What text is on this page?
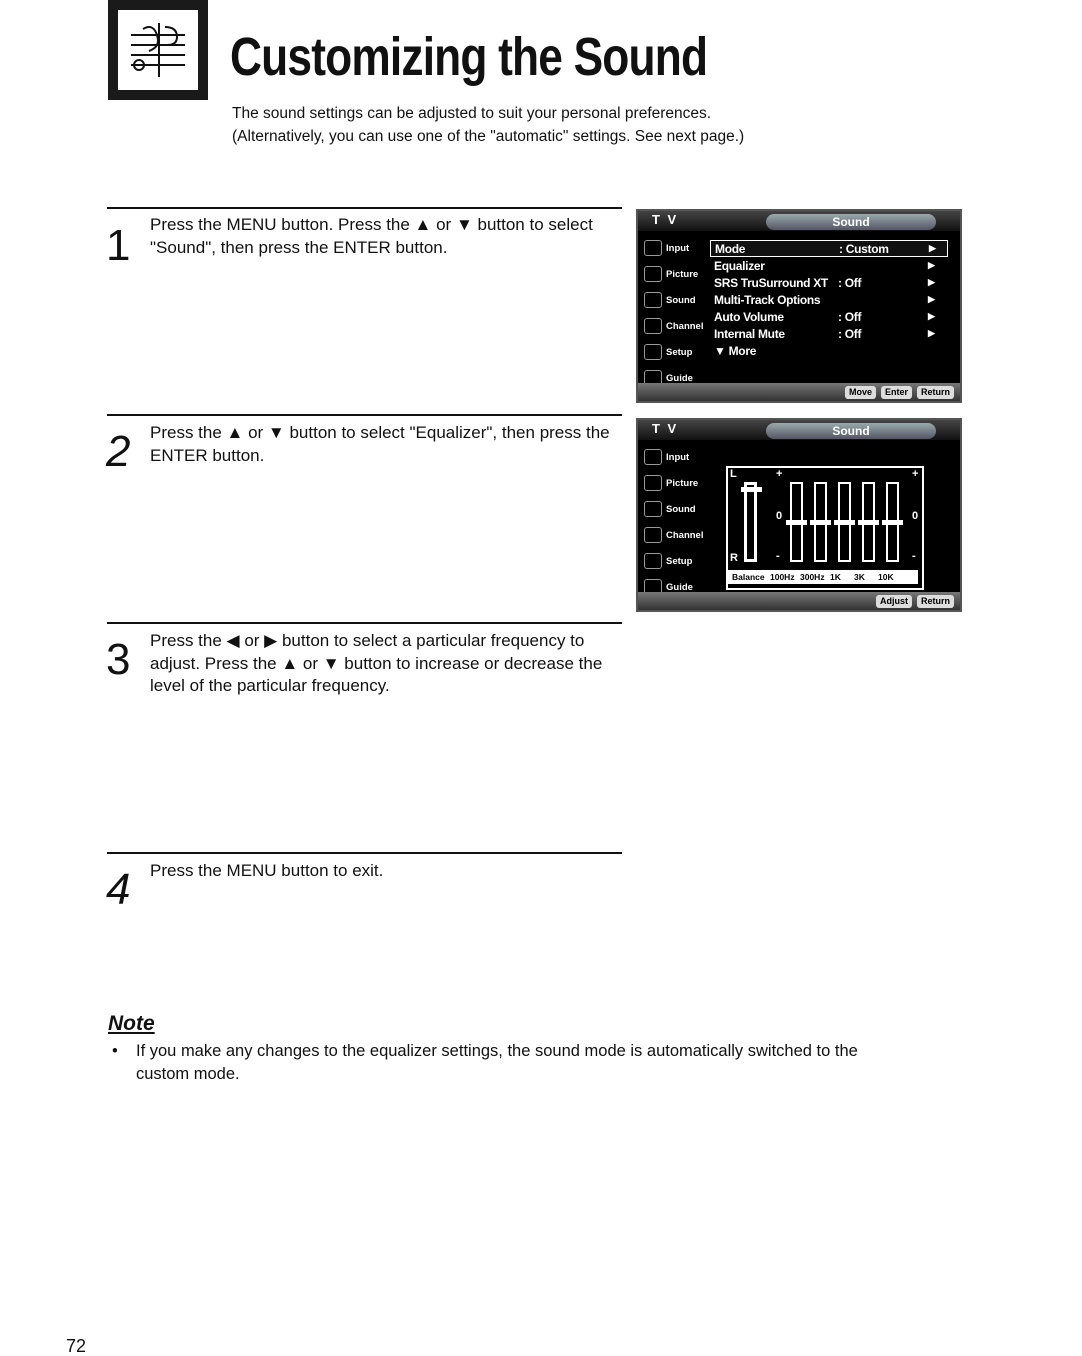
Customizing the Sound
The sound settings can be adjusted to suit your personal preferences.
(Alternatively, you can use one of the "automatic" settings. See next page.)
1 Press the MENU button. Press the ▲ or ▼ button to select "Sound", then press the ENTER button.
2 Press the ▲ or ▼ button to select "Equalizer", then press the ENTER button.
3 Press the ◀ or ▶ button to select a particular frequency to adjust. Press the ▲ or ▼ button to increase or decrease the level of the particular frequency.
4 Press the MENU button to exit.
T V	Sound
Input
Picture
Sound
Channel
Setup
Guide
Mode	: Custom	▶
Equalizer	▶
SRS TruSurround XT : Off	▶
Multi-Track Options	▶
Auto Volume	: Off	▶
Internal Mute	: Off	▶
▼ More
Move	Enter	Return
T V	Sound
Input
Picture
Sound
Channel
Setup
Guide
L
R
+
-
0
+
-
0
Balance 100Hz 300Hz 1K	3K	10K
Adjust	Return
Note
•	If you make any changes to the equalizer settings, the sound mode is automatically switched to the custom mode.
72
